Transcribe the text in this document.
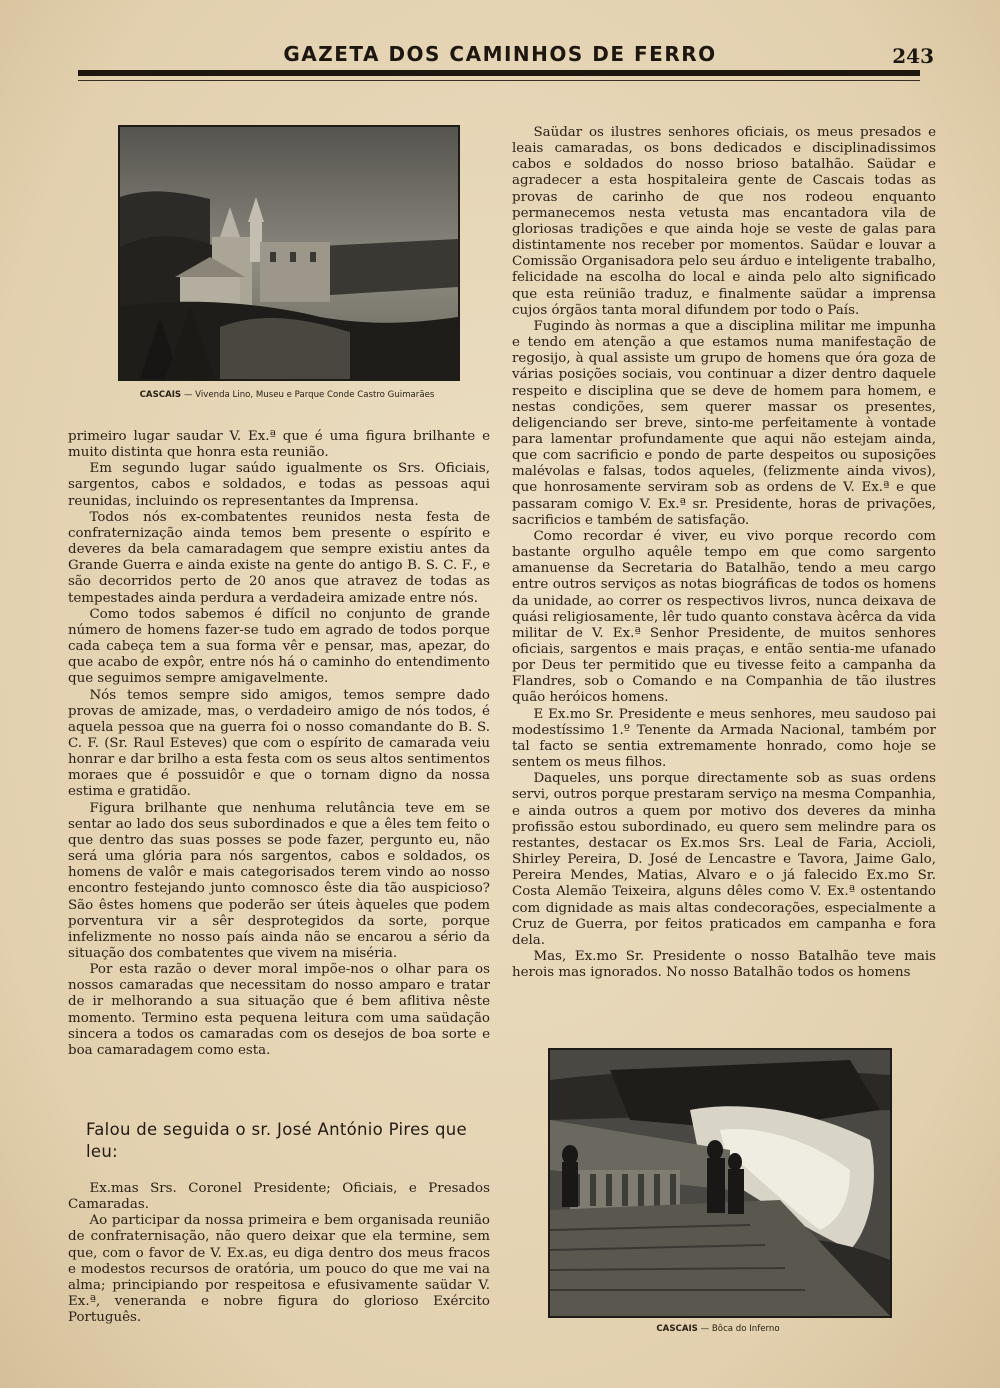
GAZETA DOS CAMINHOS DE FERRO	243
CASCAIS — Vivenda Lino, Museu e Parque Conde Castro Guimarães

primeiro lugar saudar V. Ex.ª que é uma figura brilhante e muito distinta que honra esta reunião.

Em segundo lugar saúdo igualmente os Srs. Oficiais, sargentos, cabos e soldados, e todas as pessoas aqui reunidas, incluindo os representantes da Imprensa.

Todos nós ex-combatentes reunidos nesta festa de confraternização ainda temos bem presente o espírito e deveres da bela camaradagem que sempre existiu antes da Grande Guerra e ainda existe na gente do antigo B. S. C. F., e são decorridos perto de 20 anos que atravez de todas as tempestades ainda perdura a verdadeira amizade entre nós.

Como todos sabemos é difícil no conjunto de grande número de homens fazer-se tudo em agrado de todos porque cada cabeça tem a sua forma vêr e pensar, mas, apezar, do que acabo de expôr, entre nós há o caminho do entendimento que seguimos sempre amigavelmente.

Nós temos sempre sido amigos, temos sempre dado provas de amizade, mas, o verdadeiro amigo de nós todos, é aquela pessoa que na guerra foi o nosso comandante do B. S. C. F. (Sr. Raul Esteves) que com o espírito de camarada veiu honrar e dar brilho a esta festa com os seus altos sentimentos moraes que é possuidôr e que o tornam digno da nossa estima e gratidão.

Figura brilhante que nenhuma relutância teve em se sentar ao lado dos seus subordinados e que a êles tem feito o que dentro das suas posses se pode fazer, pergunto eu, não será uma glória para nós sargentos, cabos e soldados, os homens de valôr e mais categorisados terem vindo ao nosso encontro festejando junto comnosco êste dia tão auspicioso? São êstes homens que poderão ser úteis àqueles que podem porventura vir a sêr desprotegidos da sorte, porque infelizmente no nosso país ainda não se encarou a sério da situação dos combatentes que vivem na miséria.

Por esta razão o dever moral impõe-nos o olhar para os nossos camaradas que necessitam do nosso amparo e tratar de ir melhorando a sua situação que é bem aflitiva nêste momento. Termino esta pequena leitura com uma saüdação sincera a todos os camaradas com os desejos de boa sorte e boa camaradagem como esta.

Falou de seguida o sr. José António Pires que leu:

Ex.mas Srs. Coronel Presidente; Oficiais, e Presados Camaradas.

Ao participar da nossa primeira e bem organisada reunião de confraternisação, não quero deixar que ela termine, sem que, com o favor de V. Ex.as, eu diga dentro dos meus fracos e modestos recursos de oratória, um pouco do que me vai na alma; principiando por respeitosa e efusivamente saüdar V. Ex.ª, veneranda e nobre figura do glorioso Exército Português.

Saüdar os ilustres senhores oficiais, os meus presados e leais camaradas, os bons dedicados e disciplinadissimos cabos e soldados do nosso brioso batalhão. Saüdar e agradecer a esta hospitaleira gente de Cascais todas as provas de carinho de que nos rodeou enquanto permanecemos nesta vetusta mas encantadora vila de gloriosas tradições e que ainda hoje se veste de galas para distintamente nos receber por momentos. Saüdar e louvar a Comissão Organisadora pelo seu árduo e inteligente trabalho, felicidade na escolha do local e ainda pelo alto significado que esta reünião traduz, e finalmente saüdar a imprensa cujos órgãos tanta moral difundem por todo o País.

Fugindo às normas a que a disciplina militar me impunha e tendo em atenção a que estamos numa manifestação de regosijo, à qual assiste um grupo de homens que óra goza de várias posições sociais, vou continuar a dizer dentro daquele respeito e disciplina que se deve de homem para homem, e nestas condições, sem querer massar os presentes, deligenciando ser breve, sinto-me perfeitamente à vontade para lamentar profundamente que aqui não estejam ainda, que com sacrificio e pondo de parte despeitos ou suposições malévolas e falsas, todos aqueles, (felizmente ainda vivos), que honrosamente serviram sob as ordens de V. Ex.ª e que passaram comigo V. Ex.ª sr. Presidente, horas de privações, sacrificios e também de satisfação.

Como recordar é viver, eu vivo porque recordo com bastante orgulho aquêle tempo em que como sargento amanuense da Secretaria do Batalhão, tendo a meu cargo entre outros serviços as notas biográficas de todos os homens da unidade, ao correr os respectivos livros, nunca deixava de quási religiosamente, lêr tudo quanto constava àcêrca da vida militar de V. Ex.ª Senhor Presidente, de muitos senhores oficiais, sargentos e mais praças, e então sentia-me ufanado por Deus ter permitido que eu tivesse feito a campanha da Flandres, sob o Comando e na Companhia de tão ilustres quão heróicos homens.

E Ex.mo Sr. Presidente e meus senhores, meu saudoso pai modestíssimo 1.º Tenente da Armada Nacional, também por tal facto se sentia extremamente honrado, como hoje se sentem os meus filhos.

Daqueles, uns porque directamente sob as suas ordens servi, outros porque prestaram serviço na mesma Companhia, e ainda outros a quem por motivo dos deveres da minha profissão estou subordinado, eu quero sem melindre para os restantes, destacar os Ex.mos Srs. Leal de Faria, Accioli, Shirley Pereira, D. José de Lencastre e Tavora, Jaime Galo, Pereira Mendes, Matias, Alvaro e o já falecido Ex.mo Sr. Costa Alemão Teixeira, alguns dêles como V. Ex.ª ostentando com dignidade as mais altas condecorações, especialmente a Cruz de Guerra, por feitos praticados em campanha e fora dela.

Mas, Ex.mo Sr. Presidente o nosso Batalhão teve mais herois mas ignorados. No nosso Batalhão todos os homens

CASCAIS — Bôca do Inferno
